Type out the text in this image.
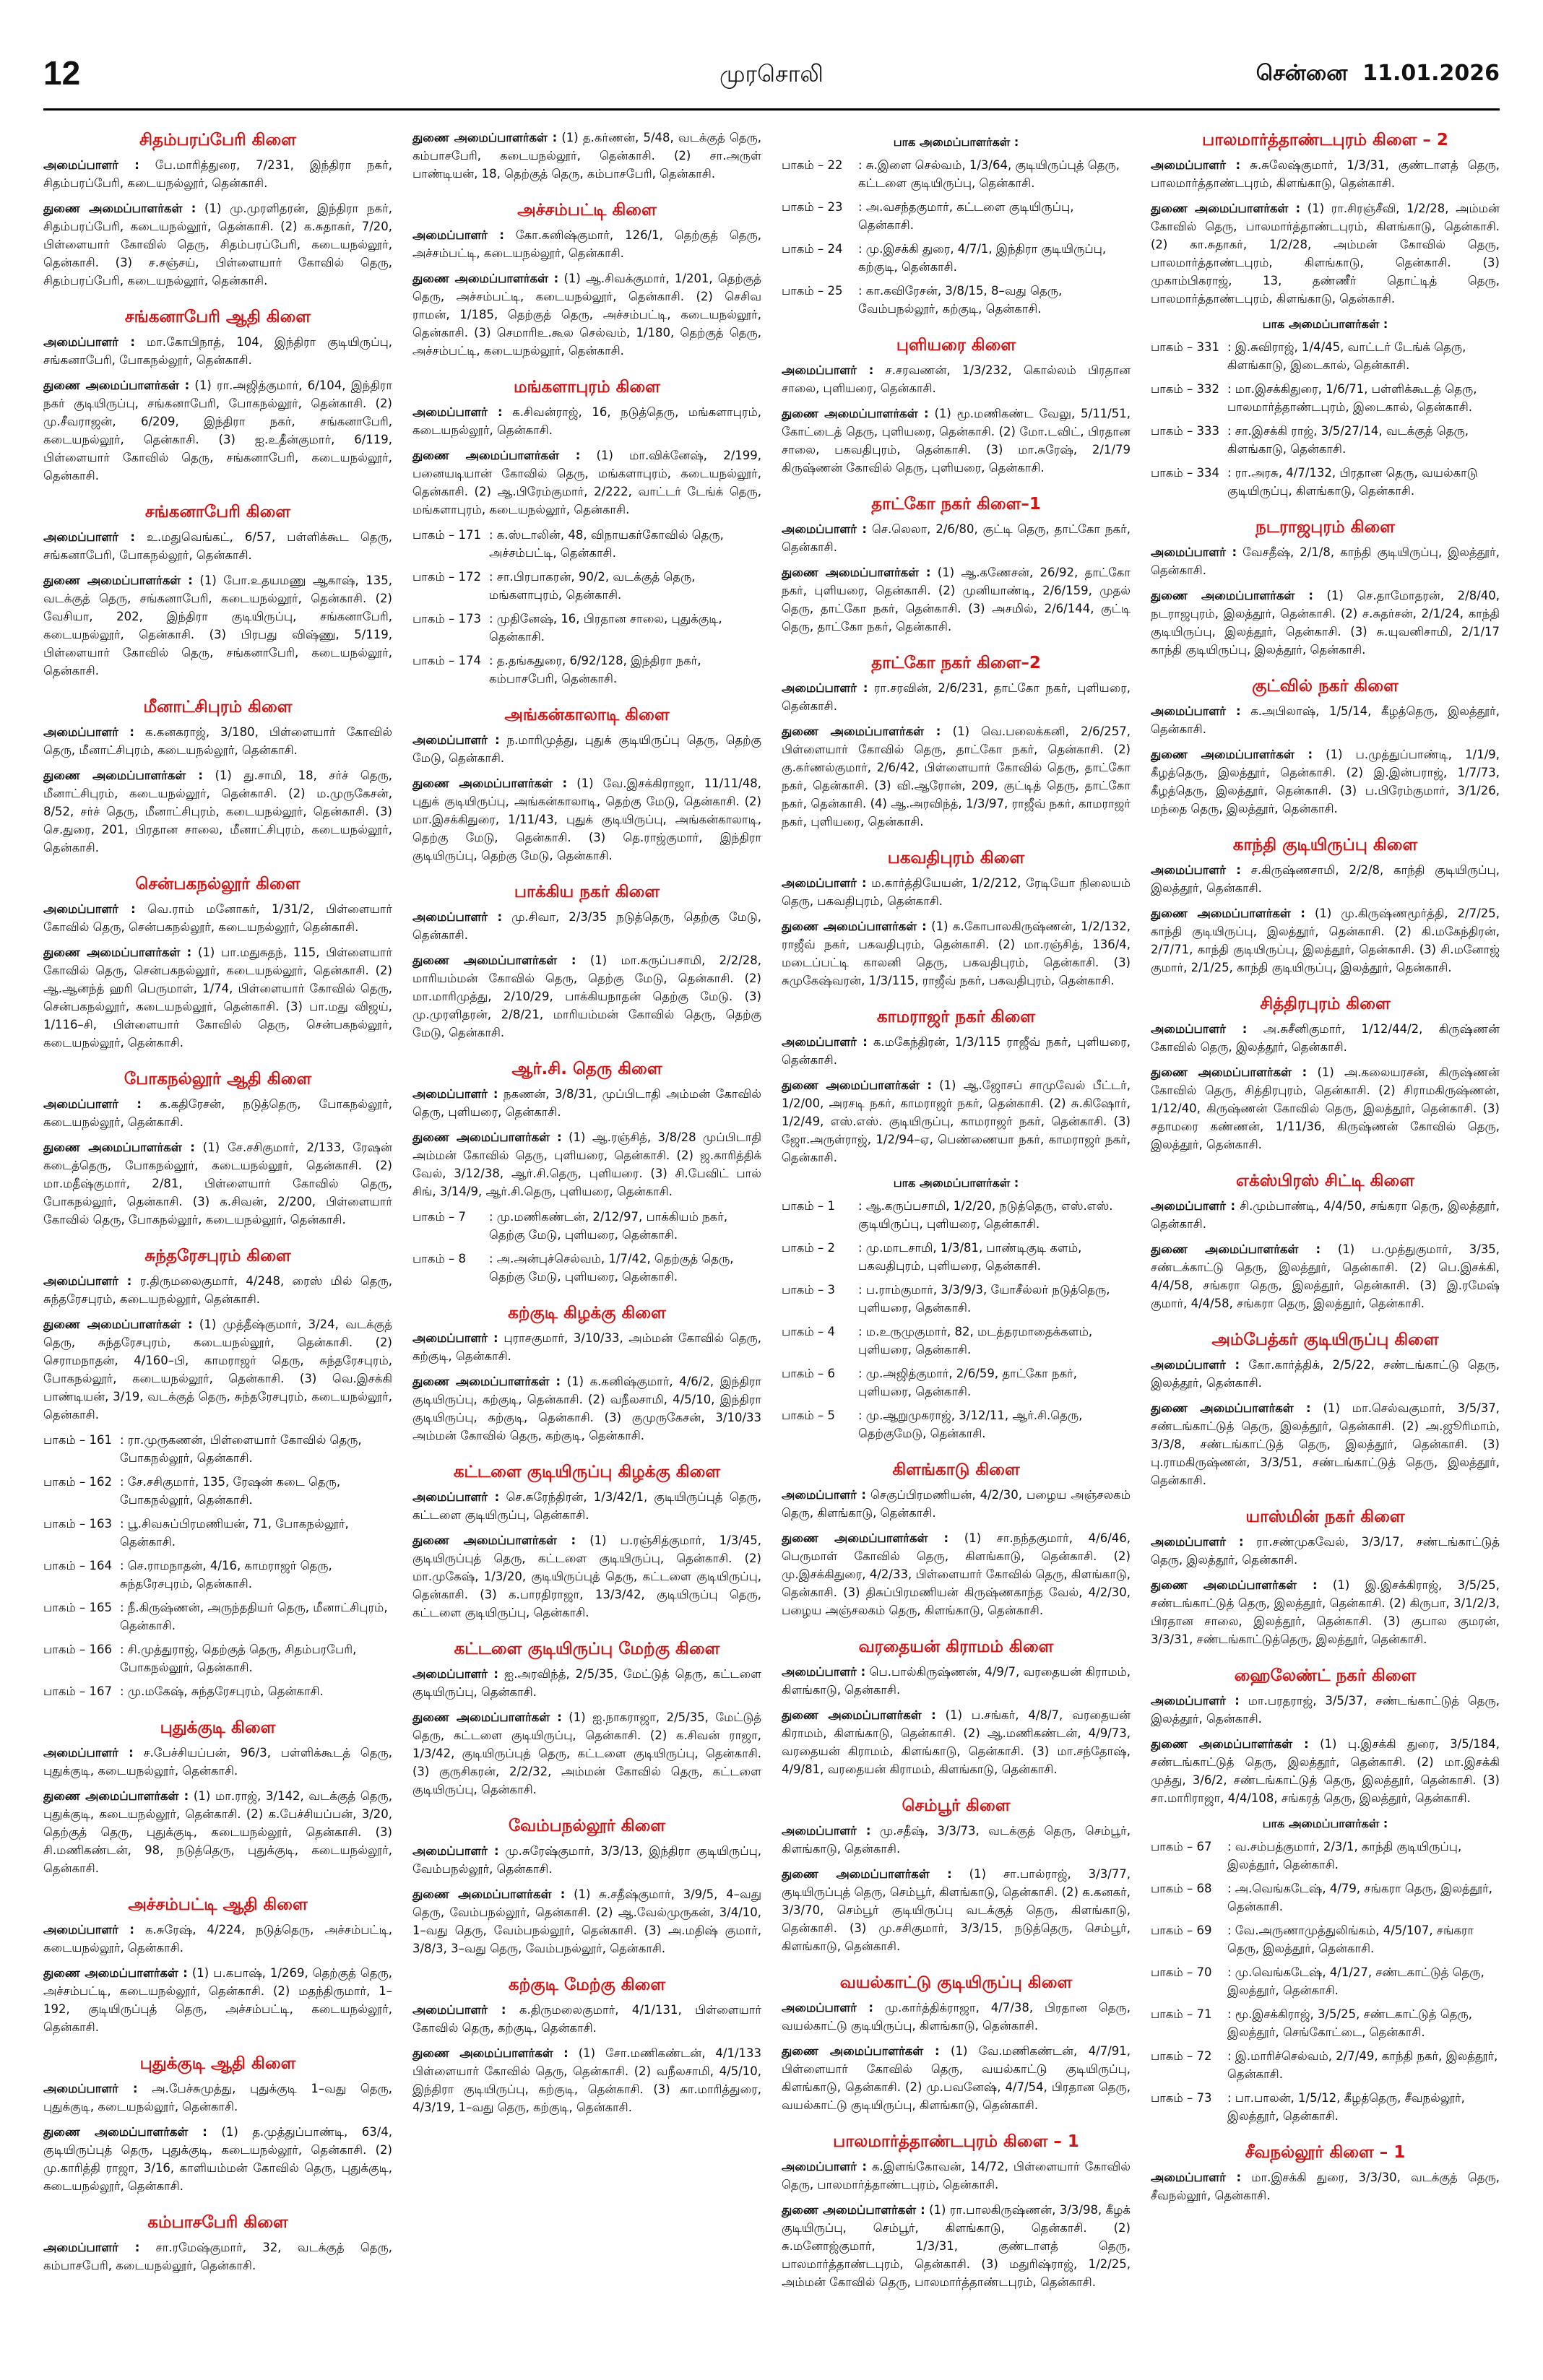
12	முரசொலி	சென்னை 11.01.2026
சிதம்பரப்பேரி கிளை
அமைப்பாளர் : பே.மாரித்துரை, 7/231, இந்திரா நகர், சிதம்பரப்பேரி, கடையநல்லூர், தென்காசி.
துணை அமைப்பாளர்கள் : (1) மு.முரளிதரன், இந்திரா நகர், சிதம்பரப்பேரி, கடையநல்லூர், தென்காசி. (2) க.சுதாகர், 7/20, பிள்ளையார் கோவில் தெரு, சிதம்பரப்பேரி, கடையநல்லூர், தென்காசி. (3) ச.சஞ்சய், பிள்ளையார் கோவில் தெரு, சிதம்பரப்பேரி, கடையநல்லூர், தென்காசி.
சங்கனாபேரி ஆதி கிளை
அமைப்பாளர் : மா.கோபிநாத், 104, இந்திரா குடியிருப்பு, சங்கனாபேரி, போகநல்லூர், தென்காசி.
துணை அமைப்பாளர்கள் : (1) ரா.அஜித்குமார், 6/104, இந்திரா நகர் குடியிருப்பு, சங்கனாபேரி, போகநல்லூர், தென்காசி. (2) மு.சீவராஜன், 6/209, இந்திரா நகர், சங்கனாபேரி, கடையநல்லூர், தென்காசி. (3) ஐ.உதீன்குமார், 6/119, பிள்ளையார் கோவில் தெரு, சங்கனாபேரி, கடையநல்லூர், தென்காசி.
சங்கனாபேரி கிளை
அமைப்பாளர் : உ.மதுவெங்கட், 6/57, பள்ளிக்கூட தெரு, சங்கனாபேரி, போகநல்லூர், தென்காசி.
துணை அமைப்பாளர்கள் : (1) போ.உதயமணு ஆகாஷ், 135, வடக்குத் தெரு, சங்கனாபேரி, கடையநல்லூர், தென்காசி. (2) வேசியா, 202, இந்திரா குடியிருப்பு, சங்கனாபேரி, கடையநல்லூர், தென்காசி. (3) பிரபது விஷ்ணு, 5/119, பிள்ளையார் கோவில் தெரு, சங்கனாபேரி, கடையநல்லூர், தென்காசி.
மீனாட்சிபுரம் கிளை
அமைப்பாளர் : க.கனகராஜ், 3/180, பிள்ளையார் கோவில் தெரு, மீனாட்சிபுரம், கடையநல்லூர், தென்காசி.
துணை அமைப்பாளர்கள் : (1) து.சாமி, 18, சர்ச் தெரு, மீனாட்சிபுரம், கடையநல்லூர், தென்காசி. (2) ம.முருகேசன், 8/52, சர்ச் தெரு, மீனாட்சிபுரம், கடையநல்லூர், தென்காசி. (3) செ.துரை, 201, பிரதான சாலை, மீனாட்சிபுரம், கடையநல்லூர், தென்காசி.
சென்பகநல்லூர் கிளை
அமைப்பாளர் : வெ.ராம் மனோகர், 1/31/2, பிள்ளையார் கோவில் தெரு, சென்பகநல்லூர், கடையநல்லூர், தென்காசி.
துணை அமைப்பாளர்கள் : (1) பா.மதுசுதந், 115, பிள்ளையார் கோவில் தெரு, சென்பகநல்லூர், கடையநல்லூர், தென்காசி. (2) ஆ.ஆனந்த் ஹரி பெருமாள், 1/74, பிள்ளையார் கோவில் தெரு, சென்பகநல்லூர், கடையநல்லூர், தென்காசி. (3) பா.மது விஜய், 1/116–சி, பிள்ளையார் கோவில் தெரு, சென்பகநல்லூர், கடையநல்லூர், தென்காசி.
போகநல்லூர் ஆதி கிளை
அமைப்பாளர் : க.கதிரேசன், நடுத்தெரு, போகநல்லூர், கடையநல்லூர், தென்காசி.
துணை அமைப்பாளர்கள் : (1) சே.சசிகுமார், 2/133, ரேஷன் கடைத்தெரு, போகநல்லூர், கடையநல்லூர், தென்காசி. (2) மா.மதீஷ்குமார், 2/81, பிள்ளையார் கோவில் தெரு, போகநல்லூர், தென்காசி. (3) க.சிவன், 2/200, பிள்ளையார் கோவில் தெரு, போகநல்லூர், கடையநல்லூர், தென்காசி.
சுந்தரேசபுரம் கிளை
அமைப்பாளர் : ர.திருமலைகுமார், 4/248, ரைஸ் மில் தெரு, சுந்தரேசபுரம், கடையநல்லூர், தென்காசி.
துணை அமைப்பாளர்கள் : (1) முத்தீஷ்குமார், 3/24, வடக்குத் தெரு, சுந்தரேசபுரம், கடையநல்லூர், தென்காசி. (2) செராமநாதன், 4/160–பி, காமராஜர் தெரு, சுந்தரேசபுரம், போகநல்லூர், கடையநல்லூர், தென்காசி. (3) வெ.இசக்கி பாண்டியன், 3/19, வடக்குத் தெரு, சுந்தரேசபுரம், கடையநல்லூர், தென்காசி.
பாகம் – 161 : ரா.முருகணன், பிள்ளையார் கோவில் தெரு, போகநல்லூர், தென்காசி.
பாகம் – 162 : சே.சசிகுமார், 135, ரேஷன் கடை தெரு, போகநல்லூர், தென்காசி.
பாகம் – 163 : பூ.சிவசுப்பிரமணியன், 71, போகநல்லூர், தென்காசி.
பாகம் – 164 : செ.ராமநாதன், 4/16, காமராஜர் தெரு, சுந்தரேசபுரம், தென்காசி.
பாகம் – 165 : நீ.கிருஷ்ணன், அருந்ததியர் தெரு, மீனாட்சிபுரம், தென்காசி.
பாகம் – 166 : சி.முத்துராஜ், தெற்குத் தெரு, சிதம்பரபேரி, போகநல்லூர், தென்காசி.
பாகம் – 167 : மு.மகேஷ், சுந்தரேசபுரம், தென்காசி.
புதுக்குடி கிளை
அமைப்பாளர் : ச.பேச்சியப்பன், 96/3, பள்ளிக்கூடத் தெரு, புதுக்குடி, கடையநல்லூர், தென்காசி.
துணை அமைப்பாளர்கள் : (1) மா.ராஜ், 3/142, வடக்குத் தெரு, புதுக்குடி, கடையநல்லூர், தென்காசி. (2) க.பேச்சியப்பன், 3/20, தெற்குத் தெரு, புதுக்குடி, கடையநல்லூர், தென்காசி. (3) சி.மணிகண்டன், 98, நடுத்தெரு, புதுக்குடி, கடையநல்லூர், தென்காசி.
அச்சம்பட்டி ஆதி கிளை
அமைப்பாளர் : க.சுரேஷ், 4/224, நடுத்தெரு, அச்சம்பட்டி, கடையநல்லூர், தென்காசி.
துணை அமைப்பாளர்கள் : (1) ப.கபாஷ், 1/269, தெற்குத் தெரு, அச்சம்பட்டி, கடையநல்லூர், தென்காசி. (2) மதந்திருமார், 1–192, குடியிருப்புத் தெரு, அச்சம்பட்டி, கடையநல்லூர், தென்காசி.
புதுக்குடி ஆதி கிளை
அமைப்பாளர் : அ.பேச்சுமுத்து, புதுக்குடி 1–வது தெரு, புதுக்குடி, கடையநல்லூர், தென்காசி.
துணை அமைப்பாளர்கள் : (1) த.முத்துப்பாண்டி, 63/4, குடியிருப்புத் தெரு, புதுக்குடி, கடையநல்லூர், தென்காசி. (2) மு.காரித்தி ராஜா, 3/16, காளியம்மன் கோவில் தெரு, புதுக்குடி, கடையநல்லூர், தென்காசி.
கம்பாசபேரி கிளை
அமைப்பாளர் : சா.ரமேஷ்குமார், 32, வடக்குத் தெரு, கம்பாசபேரி, கடையநல்லூர், தென்காசி.
துணை அமைப்பாளர்கள் : (1) த.கர்ணன், 5/48, வடக்குத் தெரு, கம்பாசபேரி, கடையநல்லூர், தென்காசி. (2) சா.அருள் பாண்டியன், 18, தெற்குத் தெரு, கம்பாசபேரி, தென்காசி.
அச்சம்பட்டி கிளை
அமைப்பாளர் : கோ.கனிஷ்குமார், 126/1, தெற்குத் தெரு, அச்சம்பட்டி, கடையநல்லூர், தென்காசி.
துணை அமைப்பாளர்கள் : (1) ஆ.சிவக்குமார், 1/201, தெற்குத் தெரு, அச்சம்பட்டி, கடையநல்லூர், தென்காசி. (2) செசிவ ராமன், 1/185, தெற்குத் தெரு, அச்சம்பட்டி, கடையநல்லூர், தென்காசி. (3) செமாரிஉ.கூல செல்வம், 1/180, தெற்குத் தெரு, அச்சம்பட்டி, கடையநல்லூர், தென்காசி.
மங்களாபுரம் கிளை
அமைப்பாளர் : க.சிவன்ராஜ், 16, நடுத்தெரு, மங்களாபுரம், கடையநல்லூர், தென்காசி.
துணை அமைப்பாளர்கள் : (1) மா.விக்னேஷ், 2/199, பனையடியான் கோவில் தெரு, மங்களாபுரம், கடையநல்லூர், தென்காசி. (2) ஆ.பிரேம்குமார், 2/222, வாட்டர் டேங்க் தெரு, மங்களாபுரம், கடையநல்லூர், தென்காசி.
பாகம் – 171 : க.ஸ்டாலின், 48, விநாயகர்கோவில் தெரு, அச்சம்பட்டி, தென்காசி.
பாகம் – 172 : சா.பிரபாகரன், 90/2, வடக்குத் தெரு, மங்களாபுரம், தென்காசி.
பாகம் – 173 : முதினேஷ், 16, பிரதான சாலை, புதுக்குடி, தென்காசி.
பாகம் – 174 : த.தங்கதுரை, 6/92/128, இந்திரா நகர், கம்பாசபேரி, தென்காசி.
அங்கன்காலாடி கிளை
அமைப்பாளர் : ந.மாரிமுத்து, புதுக் குடியிருப்பு தெரு, தெற்கு மேடு, தென்காசி.
துணை அமைப்பாளர்கள் : (1) வே.இசக்கிராஜா, 11/11/48, புதுக் குடியிருப்பு, அங்கன்காலாடி, தெற்கு மேடு, தென்காசி. (2) மா.இசக்கிதுரை, 1/11/43, புதுக் குடியிருப்பு, அங்கன்காலாடி, தெற்கு மேடு, தென்காசி. (3) தெ.ராஜ்குமார், இந்திரா குடியிருப்பு, தெற்கு மேடு, தென்காசி.
பாக்கிய நகர் கிளை
அமைப்பாளர் : மு.சிவா, 2/3/35 நடுத்தெரு, தெற்கு மேடு, தென்காசி.
துணை அமைப்பாளர்கள் : (1) மா.கருப்பசாமி, 2/2/28, மாரியம்மன் கோவில் தெரு, தெற்கு மேடு, தென்காசி. (2) மா.மாரிமுத்து, 2/10/29, பாக்கியநாதன் தெற்கு மேடு. (3) மு.முரளிதரன், 2/8/21, மாரியம்மன் கோவில் தெரு, தெற்கு மேடு, தென்காசி.
ஆர்.சி. தெரு கிளை
அமைப்பாளர் : நகணன், 3/8/31, முப்பிடாதி அம்மன் கோவில் தெரு, புளியரை, தென்காசி.
துணை அமைப்பாளர்கள் : (1) ஆ.ரஞ்சித், 3/8/28 முப்பிடாதி அம்மன் கோவில் தெரு, புளியரை, தென்காசி. (2) ஜ.காரித்திக் வேல், 3/12/38, ஆர்.சி.தெரு, புளியரை. (3) சி.பேவிட் பால் சிங், 3/14/9, ஆர்.சி.தெரு, புளியரை, தென்காசி.
பாகம் – 7	: மு.மணிகண்டன், 2/12/97, பாக்கியம் நகர், தெற்கு மேடு, புளியரை, தென்காசி.
பாகம் – 8	: அ.அன்புச்செல்வம், 1/7/42, தெற்குத் தெரு, தெற்கு மேடு, புளியரை, தென்காசி.
கற்குடி கிழக்கு கிளை
அமைப்பாளர் : புராசகுமார், 3/10/33, அம்மன் கோவில் தெரு, கற்குடி, தென்காசி.
துணை அமைப்பாளர்கள் : (1) க.கனிஷ்குமார், 4/6/2, இந்திரா குடியிருப்பு, கற்குடி, தென்காசி. (2) வநீலசாமி, 4/5/10, இந்திரா குடியிருப்பு, கற்குடி, தென்காசி. (3) குமுருகேசன், 3/10/33 அம்மன் கோவில் தெரு, கற்குடி, தென்காசி.
கட்டளை குடியிருப்பு கிழக்கு கிளை
அமைப்பாளர் : செ.சுரேந்திரன், 1/3/42/1, குடியிருப்புத் தெரு, கட்டளை குடியிருப்பு, தென்காசி.
துணை அமைப்பாளர்கள் : (1) ப.ரஞ்சித்குமார், 1/3/45, குடியிருப்புத் தெரு, கட்டளை குடியிருப்பு, தென்காசி. (2) மா.முகேஷ், 1/3/20, குடியிருப்புத் தெரு, கட்டளை குடியிருப்பு, தென்காசி. (3) க.பாரதிராஜா, 13/3/42, குடியிருப்பு தெரு, கட்டளை குடியிருப்பு, தென்காசி.
கட்டளை குடியிருப்பு மேற்கு கிளை
அமைப்பாளர் : ஐ.அரவிந்த், 2/5/35, மேட்டுத் தெரு, கட்டளை குடியிருப்பு, தென்காசி.
துணை அமைப்பாளர்கள் : (1) ஐ.நாகராஜா, 2/5/35, மேட்டுத் தெரு, கட்டளை குடியிருப்பு, தென்காசி. (2) க.சிவன் ராஜா, 1/3/42, குடியிருப்புத் தெரு, கட்டளை குடியிருப்பு, தென்காசி. (3) குருசிகரன், 2/2/32, அம்மன் கோவில் தெரு, கட்டளை குடியிருப்பு, தென்காசி.
வேம்பநல்லூர் கிளை
அமைப்பாளர் : மு.சுரேஷ்குமார், 3/3/13, இந்திரா குடியிருப்பு, வேம்பநல்லூர், தென்காசி.
துணை அமைப்பாளர்கள் : (1) சு.சதீஷ்குமார், 3/9/5, 4–வது தெரு, வேம்பநல்லூர், தென்காசி. (2) ஆ.வேல்முருகன், 3/4/10, 1–வது தெரு, வேம்பநல்லூர், தென்காசி. (3) அ.மதிஷ் குமார், 3/8/3, 3–வது தெரு, வேம்பநல்லூர், தென்காசி.
கற்குடி மேற்கு கிளை
அமைப்பாளர் : க.திருமலைகுமார், 4/1/131, பிள்ளையார் கோவில் தெரு, கற்குடி, தென்காசி.
துணை அமைப்பாளர்கள் : (1) சோ.மணிகண்டன், 4/1/133 பிள்ளையார் கோவில் தெரு, தென்காசி. (2) வநீலசாமி, 4/5/10, இந்திரா குடியிருப்பு, கற்குடி, தென்காசி. (3) கா.மாரித்துரை, 4/3/19, 1–வது தெரு, கற்குடி, தென்காசி.
பாக அமைப்பாளர்கள் :
பாகம் – 22	: சு.இளை செல்வம், 1/3/64, குடியிருப்புத் தெரு, கட்டளை குடியிருப்பு, தென்காசி.
பாகம் – 23	: அ.வசந்தகுமார், கட்டளை குடியிருப்பு, தென்காசி.
பாகம் – 24	: மு.இசக்கி துரை, 4/7/1, இந்திரா குடியிருப்பு, கற்குடி, தென்காசி.
பாகம் – 25	: கா.கவிரேசன், 3/8/15, 8–வது தெரு, வேம்பநல்லூர், கற்குடி, தென்காசி.
புளியரை கிளை
அமைப்பாளர் : ச.சரவணன், 1/3/232, கொல்லம் பிரதான சாலை, புளியரை, தென்காசி.
துணை அமைப்பாளர்கள் : (1) மூ.மணிகண்ட வேலு, 5/11/51, கோட்டைத் தெரு, புளியரை, தென்காசி. (2) மோ.டவிட், பிரதான சாலை, பகவதிபுரம், தென்காசி. (3) மா.சுரேஷ், 2/1/79 கிருஷ்ணன் கோவில் தெரு, புளியரை, தென்காசி.
தாட்கோ நகர் கிளை–1
அமைப்பாளர் : செ.லெலா, 2/6/80, குட்டி தெரு, தாட்கோ நகர், தென்காசி.
துணை அமைப்பாளர்கள் : (1) ஆ.கணேசன், 26/92, தாட்கோ நகர், புளியரை, தென்காசி. (2) முனியாண்டி, 2/6/159, முதல் தெரு, தாட்கோ நகர், தென்காசி. (3) அசமில், 2/6/144, குட்டி தெரு, தாட்கோ நகர், தென்காசி.
தாட்கோ நகர் கிளை–2
அமைப்பாளர் : ரா.சரவின், 2/6/231, தாட்கோ நகர், புளியரை, தென்காசி.
துணை அமைப்பாளர்கள் : (1) வெ.பலைக்கனி, 2/6/257, பிள்ளையார் கோவில் தெரு, தாட்கோ நகர், தென்காசி. (2) கு.கர்ணல்குமார், 2/6/42, பிள்ளையார் கோவில் தெரு, தாட்கோ நகர், தென்காசி. (3) வி.ஆரோன், 209, குட்டித் தெரு, தாட்கோ நகர், தென்காசி. (4) ஆ.அரவிந்த், 1/3/97, ராஜீவ் நகர், காமராஜர் நகர், புளியரை, தென்காசி.
பகவதிபுரம் கிளை
அமைப்பாளர் : ம.கார்த்தியேயன், 1/2/212, ரேடியோ நிலையம் தெரு, பகவதிபுரம், தென்காசி.
துணை அமைப்பாளர்கள் : (1) க.கோபாலகிருஷ்ணன், 1/2/132, ராஜீவ் நகர், பகவதிபுரம், தென்காசி. (2) மா.ரஞ்சித், 136/4, மடைப்பட்டி காலனி தெரு, பகவதிபுரம், தென்காசி. (3) சுமுகேஷ்வரன், 1/3/115, ராஜீவ் நகர், பகவதிபுரம், தென்காசி.
காமராஜர் நகர் கிளை
அமைப்பாளர் : க.மகேந்திரன், 1/3/115 ராஜீவ் நகர், புளியரை, தென்காசி.
துணை அமைப்பாளர்கள் : (1) ஆ.ஜோசப் சாமுவேல் பீட்டர், 1/2/00, அரசடி நகர், காமராஜர் நகர், தென்காசி. (2) சு.கிஷோர், 1/2/49, எஸ்.எஸ். குடியிருப்பு, காமராஜர் நகர், தென்காசி. (3) ஜோ.அருள்ராஜ், 1/2/94–ஏ, பெண்ணையா நகர், காமராஜர் நகர், தென்காசி.
பாக அமைப்பாளர்கள் :
பாகம் – 1	: ஆ.கருப்பசாமி, 1/2/20, நடுத்தெரு, எஸ்.எஸ். குடியிருப்பு, புளியரை, தென்காசி.
பாகம் – 2	: மு.மாடசாமி, 1/3/81, பாண்டிகுடி களம், பகவதிபுரம், புளியரை, தென்காசி.
பாகம் – 3	: ப.ராம்குமார், 3/3/9/3, யோசீல்லர் நடுத்தெரு, புளியரை, தென்காசி.
பாகம் – 4	: ம.உருமுகுமார், 82, மடத்தரமாதைக்களம், புளியரை, தென்காசி.
பாகம் – 6	: மு.அஜித்குமார், 2/6/59, தாட்கோ நகர், புளியரை, தென்காசி.
பாகம் – 5	: மு.ஆறுமுகராஜ், 3/12/11, ஆர்.சி.தெரு, தெற்குமேடு, தென்காசி.
கிளங்காடு கிளை
அமைப்பாளர் : செகுப்பிரமணியன், 4/2/30, பழைய அஞ்சலகம் தெரு, கிளங்காடு, தென்காசி.
துணை அமைப்பாளர்கள் : (1) சா.நந்தகுமார், 4/6/46, பெருமாள் கோவில் தெரு, கிளங்காடு, தென்காசி. (2) மு.இசக்கிதுரை, 4/2/33, பிள்ளையார் கோவில் தெரு, கிளங்காடு, தென்காசி. (3) திசுப்பிரமணியன் கிருஷ்ணகாந்த வேல், 4/2/30, பழைய அஞ்சலகம் தெரு, கிளங்காடு, தென்காசி.
வரதையன் கிராமம் கிளை
அமைப்பாளர் : பெ.பால்கிருஷ்ணன், 4/9/7, வரதையன் கிராமம், கிளங்காடு, தென்காசி.
துணை அமைப்பாளர்கள் : (1) ப.சங்கர், 4/8/7, வரதையன் கிராமம், கிளங்காடு, தென்காசி. (2) ஆ.மணிகண்டன், 4/9/73, வரதையன் கிராமம், கிளங்காடு, தென்காசி. (3) மா.சந்தோஷ், 4/9/81, வரதையன் கிராமம், கிளங்காடு, தென்காசி.
செம்பூர் கிளை
அமைப்பாளர் : மு.சதீஷ், 3/3/73, வடக்குத் தெரு, செம்பூர், கிளங்காடு, தென்காசி.
துணை அமைப்பாளர்கள் : (1) சா.பால்ராஜ், 3/3/77, குடியிருப்புத் தெரு, செம்பூர், கிளங்காடு, தென்காசி. (2) க.கனகர், 3/3/70, செம்பூர் குடியிருப்பு வடக்குத் தெரு, கிளங்காடு, தென்காசி. (3) மு.சசிகுமார், 3/3/15, நடுத்தெரு, செம்பூர், கிளங்காடு, தென்காசி.
வயல்காட்டு குடியிருப்பு கிளை
அமைப்பாளர் : மு.கார்த்திக்ராஜா, 4/7/38, பிரதான தெரு, வயல்காட்டு குடியிருப்பு, கிளங்காடு, தென்காசி.
துணை அமைப்பாளர்கள் : (1) வே.மணிகண்டன், 4/7/91, பிள்ளையார் கோவில் தெரு, வயல்காட்டு குடியிருப்பு, கிளங்காடு, தென்காசி. (2) மு.பவனேஷ், 4/7/54, பிரதான தெரு, வயல்காட்டு குடியிருப்பு, கிளங்காடு, தென்காசி.
பாலமார்த்தாண்டபுரம் கிளை – 1
அமைப்பாளர் : க.இளங்கோவன், 14/72, பிள்ளையார் கோவில் தெரு, பாலமார்த்தாண்டபுரம், தென்காசி.
துணை அமைப்பாளர்கள் : (1) ரா.பாலகிருஷ்ணன், 3/3/98, கீழக் குடியிருப்பு, செம்பூர், கிளங்காடு, தென்காசி. (2) சு.மனோஜ்குமார், 1/3/31, குண்டாளத் தெரு, பாலமார்த்தாண்டபுரம், தென்காசி. (3) மதுரிஷ்ராஜ், 1/2/25, அம்மன் கோவில் தெரு, பாலமார்த்தாண்டபுரம், தென்காசி.
பாலமார்த்தாண்டபுரம் கிளை – 2
அமைப்பாளர் : சு.சுலேஷ்குமார், 1/3/31, குண்டாளத் தெரு, பாலமார்த்தாண்டபுரம், கிளங்காடு, தென்காசி.
துணை அமைப்பாளர்கள் : (1) ரா.சிரஞ்சீவி, 1/2/28, அம்மன் கோவில் தெரு, பாலமார்த்தாண்டபுரம், கிளங்காடு, தென்காசி. (2) கா.சுதாகர், 1/2/28, அம்மன் கோவில் தெரு, பாலமார்த்தாண்டபுரம், கிளங்காடு, தென்காசி. (3) முகாம்பிகராஜ், 13, தண்ணீர் தொட்டித் தெரு, பாலமார்த்தாண்டபுரம், கிளங்காடு, தென்காசி.
பாக அமைப்பாளர்கள் :
பாகம் – 331 : இ.சுவிராஜ், 1/4/45, வாட்டர் டேங்க் தெரு, கிளங்காடு, இடைகால், தென்காசி.
பாகம் – 332 : மா.இசக்கிதுரை, 1/6/71, பள்ளிக்கூடத் தெரு, பாலமார்த்தாண்டபுரம், இடைகால், தென்காசி.
பாகம் – 333 : சா.இசக்கி ராஜ், 3/5/27/14, வடக்குத் தெரு, கிளங்காடு, தென்காசி.
பாகம் – 334 : ரா.அரசு, 4/7/132, பிரதான தெரு, வயல்காடு குடியிருப்பு, கிளங்காடு, தென்காசி.
நடராஜபுரம் கிளை
அமைப்பாளர் : வேசதீஷ், 2/1/8, காந்தி குடியிருப்பு, இலத்தூர், தென்காசி.
துணை அமைப்பாளர்கள் : (1) செ.தாமோதரன், 2/8/40, நடராஜபுரம், இலத்தூர், தென்காசி. (2) ச.சுதர்சன், 2/1/24, காந்தி குடியிருப்பு, இலத்தூர், தென்காசி. (3) சு.யுவனிசாமி, 2/1/17 காந்தி குடியிருப்பு, இலத்தூர், தென்காசி.
குட்வில் நகர் கிளை
அமைப்பாளர் : க.அபிலாஷ், 1/5/14, கீழத்தெரு, இலத்தூர், தென்காசி.
துணை அமைப்பாளர்கள் : (1) ப.முத்துப்பாண்டி, 1/1/9, கீழத்தெரு, இலத்தூர், தென்காசி. (2) இ.இன்பராஜ், 1/7/73, கீழத்தெரு, இலத்தூர், தென்காசி. (3) ப.பிரேம்குமார், 3/1/26, மந்தை தெரு, இலத்தூர், தென்காசி.
காந்தி குடியிருப்பு கிளை
அமைப்பாளர் : ச.கிருஷ்ணசாமி, 2/2/8, காந்தி குடியிருப்பு, இலத்தூர், தென்காசி.
துணை அமைப்பாளர்கள் : (1) மு.கிருஷ்ணமூர்த்தி, 2/7/25, காந்தி குடியிருப்பு, இலத்தூர், தென்காசி. (2) கி.மகேந்திரன், 2/7/71, காந்தி குடியிருப்பு, இலத்தூர், தென்காசி. (3) சி.மனோஜ் குமார், 2/1/25, காந்தி குடியிருப்பு, இலத்தூர், தென்காசி.
சித்திரபுரம் கிளை
அமைப்பாளர் : அ.சுசீனிகுமார், 1/12/44/2, கிருஷ்ணன் கோவில் தெரு, இலத்தூர், தென்காசி.
துணை அமைப்பாளர்கள் : (1) அ.கலையரசன், கிருஷ்ணன் கோவில் தெரு, சித்திரபுரம், தென்காசி. (2) சிராமகிருஷ்ணன், 1/12/40, கிருஷ்ணன் கோவில் தெரு, இலத்தூர், தென்காசி. (3) சதாமரை கண்ணன், 1/11/36, கிருஷ்ணன் கோவில் தெரு, இலத்தூர், தென்காசி.
எக்ஸ்பிரஸ் சிட்டி கிளை
அமைப்பாளர் : சி.மும்பாண்டி, 4/4/50, சங்கரா தெரு, இலத்தூர், தென்காசி.
துணை அமைப்பாளர்கள் : (1) ப.முத்துகுமார், 3/35, சண்டக்காட்டு தெரு, இலத்தூர், தென்காசி. (2) பெ.இசக்கி, 4/4/58, சங்கரா தெரு, இலத்தூர், தென்காசி. (3) இ.ரமேஷ் குமார், 4/4/58, சங்கரா தெரு, இலத்தூர், தென்காசி.
அம்பேத்கர் குடியிருப்பு கிளை
அமைப்பாளர் : கோ.கார்த்திக், 2/5/22, சண்டங்காட்டு தெரு, இலத்தூர், தென்காசி.
துணை அமைப்பாளர்கள் : (1) மா.செல்வகுமார், 3/5/37, சண்டங்காட்டுத் தெரு, இலத்தூர், தென்காசி. (2) அ.ஜூரிமாம், 3/3/8, சண்டங்காட்டுத் தெரு, இலத்தூர், தென்காசி. (3) பு.ராமகிருஷ்ணன், 3/3/51, சண்டங்காட்டுத் தெரு, இலத்தூர், தென்காசி.
யாஸ்மின் நகர் கிளை
அமைப்பாளர் : ரா.சண்முகவேல், 3/3/17, சண்டங்காட்டுத் தெரு, இலத்தூர், தென்காசி.
துணை அமைப்பாளர்கள் : (1) இ.இசக்கிராஜ், 3/5/25, சண்டங்காட்டுத் தெரு, இலத்தூர், தென்காசி. (2) கிருபா, 3/1/2/3, பிரதான சாலை, இலத்தூர், தென்காசி. (3) குபால குமரன், 3/3/31, சண்டங்காட்டுத்தெரு, இலத்தூர், தென்காசி.
ஹைலேண்ட் நகர் கிளை
அமைப்பாளர் : மா.பரதராஜ், 3/5/37, சண்டங்காட்டுத் தெரு, இலத்தூர், தென்காசி.
துணை அமைப்பாளர்கள் : (1) பு.இசக்கி துரை, 3/5/184, சண்டங்காட்டுத் தெரு, இலத்தூர், தென்காசி. (2) மா.இசக்கி முத்து, 3/6/2, சண்டங்காட்டுத் தெரு, இலத்தூர், தென்காசி. (3) சா.மாரிராஜா, 4/4/108, சங்கரத் தெரு, இலத்தூர், தென்காசி.
பாக அமைப்பாளர்கள் :
பாகம் – 67	: வ.சம்பத்குமார், 2/3/1, காந்தி குடியிருப்பு, இலத்தூர், தென்காசி.
பாகம் – 68	: அ.வெங்கடேஷ், 4/79, சங்கரா தெரு, இலத்தூர், தென்காசி.
பாகம் – 69	: வே.அருணாமுத்துலிங்கம், 4/5/107, சங்கரா தெரு, இலத்தூர், தென்காசி.
பாகம் – 70	: மு.வெங்கடேஷ், 4/1/27, சண்டகாட்டுத் தெரு, இலத்தூர், தென்காசி.
பாகம் – 71	: மூ.இசக்கிராஜ், 3/5/25, சண்டகாட்டுத் தெரு, இலத்தூர், செங்கோட்டை, தென்காசி.
பாகம் – 72	: இ.மாரிச்செல்வம், 2/7/49, காந்தி நகர், இலத்தூர், தென்காசி.
பாகம் – 73	: பா.பாலன், 1/5/12, கீழத்தெரு, சீவநல்லூர், இலத்தூர், தென்காசி.
சீவநல்லூர் கிளை – 1
அமைப்பாளர் : மா.இசக்கி துரை, 3/3/30, வடக்குத் தெரு, சீவநல்லூர், தென்காசி.
